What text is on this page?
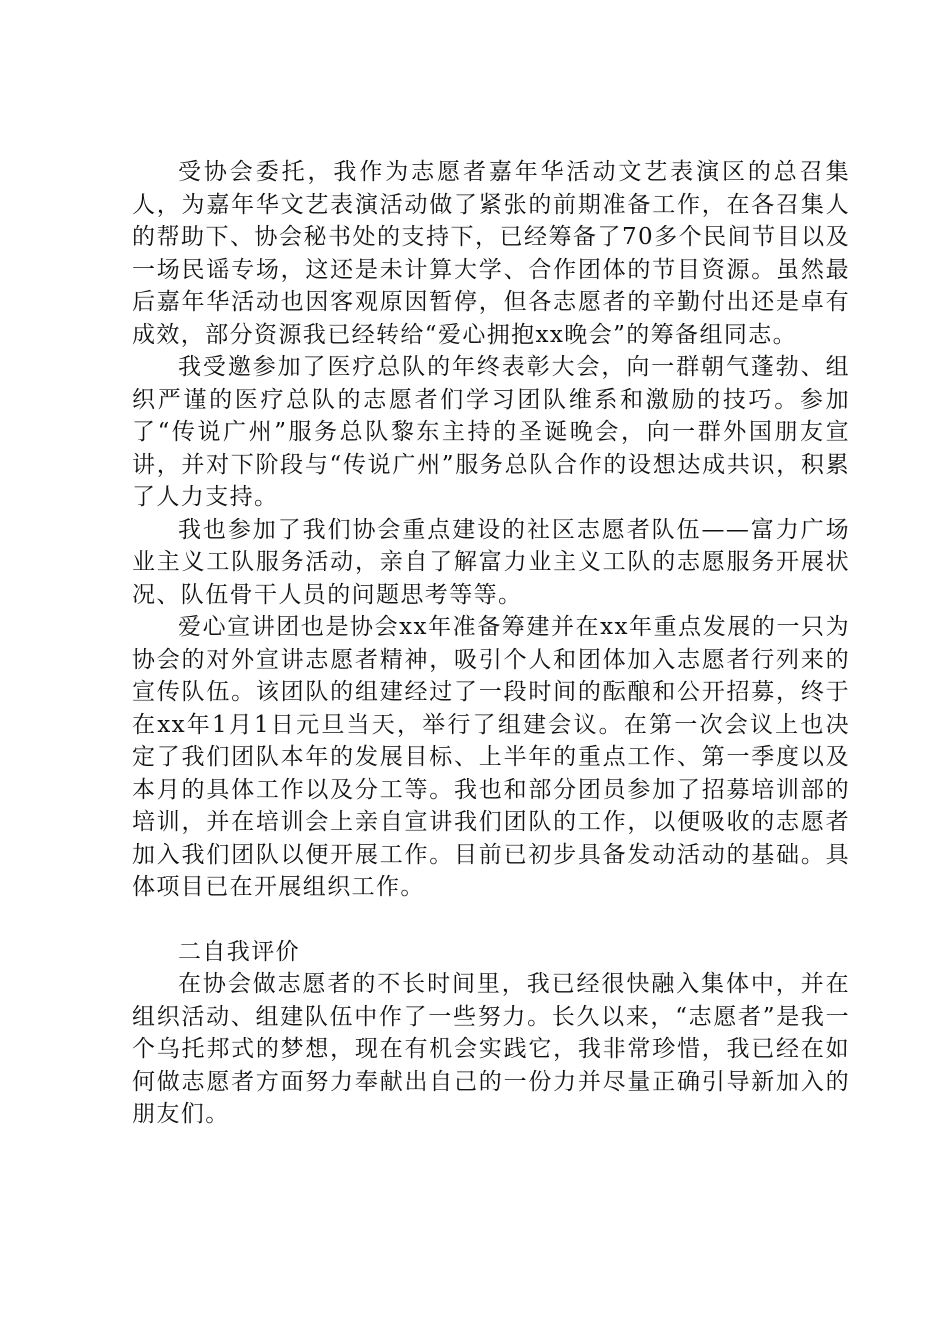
受协会委托，我作为志愿者嘉年华活动文艺表演区的总召集人，为嘉年华文艺表演活动做了紧张的前期准备工作，在各召集人的帮助下、协会秘书处的支持下，已经筹备了70多个民间节目以及一场民谣专场，这还是未计算大学、合作团体的节目资源。虽然最后嘉年华活动也因客观原因暂停，但各志愿者的辛勤付出还是卓有成效，部分资源我已经转给“爱心拥抱xx晚会”的筹备组同志。

我受邀参加了医疗总队的年终表彰大会，向一群朝气蓬勃、组织严谨的医疗总队的志愿者们学习团队维系和激励的技巧。参加了“传说广州”服务总队黎东主持的圣诞晚会，向一群外国朋友宣讲，并对下阶段与“传说广州”服务总队合作的设想达成共识，积累了人力支持。

我也参加了我们协会重点建设的社区志愿者队伍——富力广场业主义工队服务活动，亲自了解富力业主义工队的志愿服务开展状况、队伍骨干人员的问题思考等等。

爱心宣讲团也是协会xx年准备筹建并在xx年重点发展的一只为协会的对外宣讲志愿者精神，吸引个人和团体加入志愿者行列来的宣传队伍。该团队的组建经过了一段时间的酝酿和公开招募，终于在xx年1月1日元旦当天，举行了组建会议。在第一次会议上也决定了我们团队本年的发展目标、上半年的重点工作、第一季度以及本月的具体工作以及分工等。我也和部分团员参加了招募培训部的培训，并在培训会上亲自宣讲我们团队的工作，以便吸收的志愿者加入我们团队以便开展工作。目前已初步具备发动活动的基础。具体项目已在开展组织工作。

二自我评价

在协会做志愿者的不长时间里，我已经很快融入集体中，并在组织活动、组建队伍中作了一些努力。长久以来，“志愿者”是我一个乌托邦式的梦想，现在有机会实践它，我非常珍惜，我已经在如何做志愿者方面努力奉献出自己的一份力并尽量正确引导新加入的朋友们。
